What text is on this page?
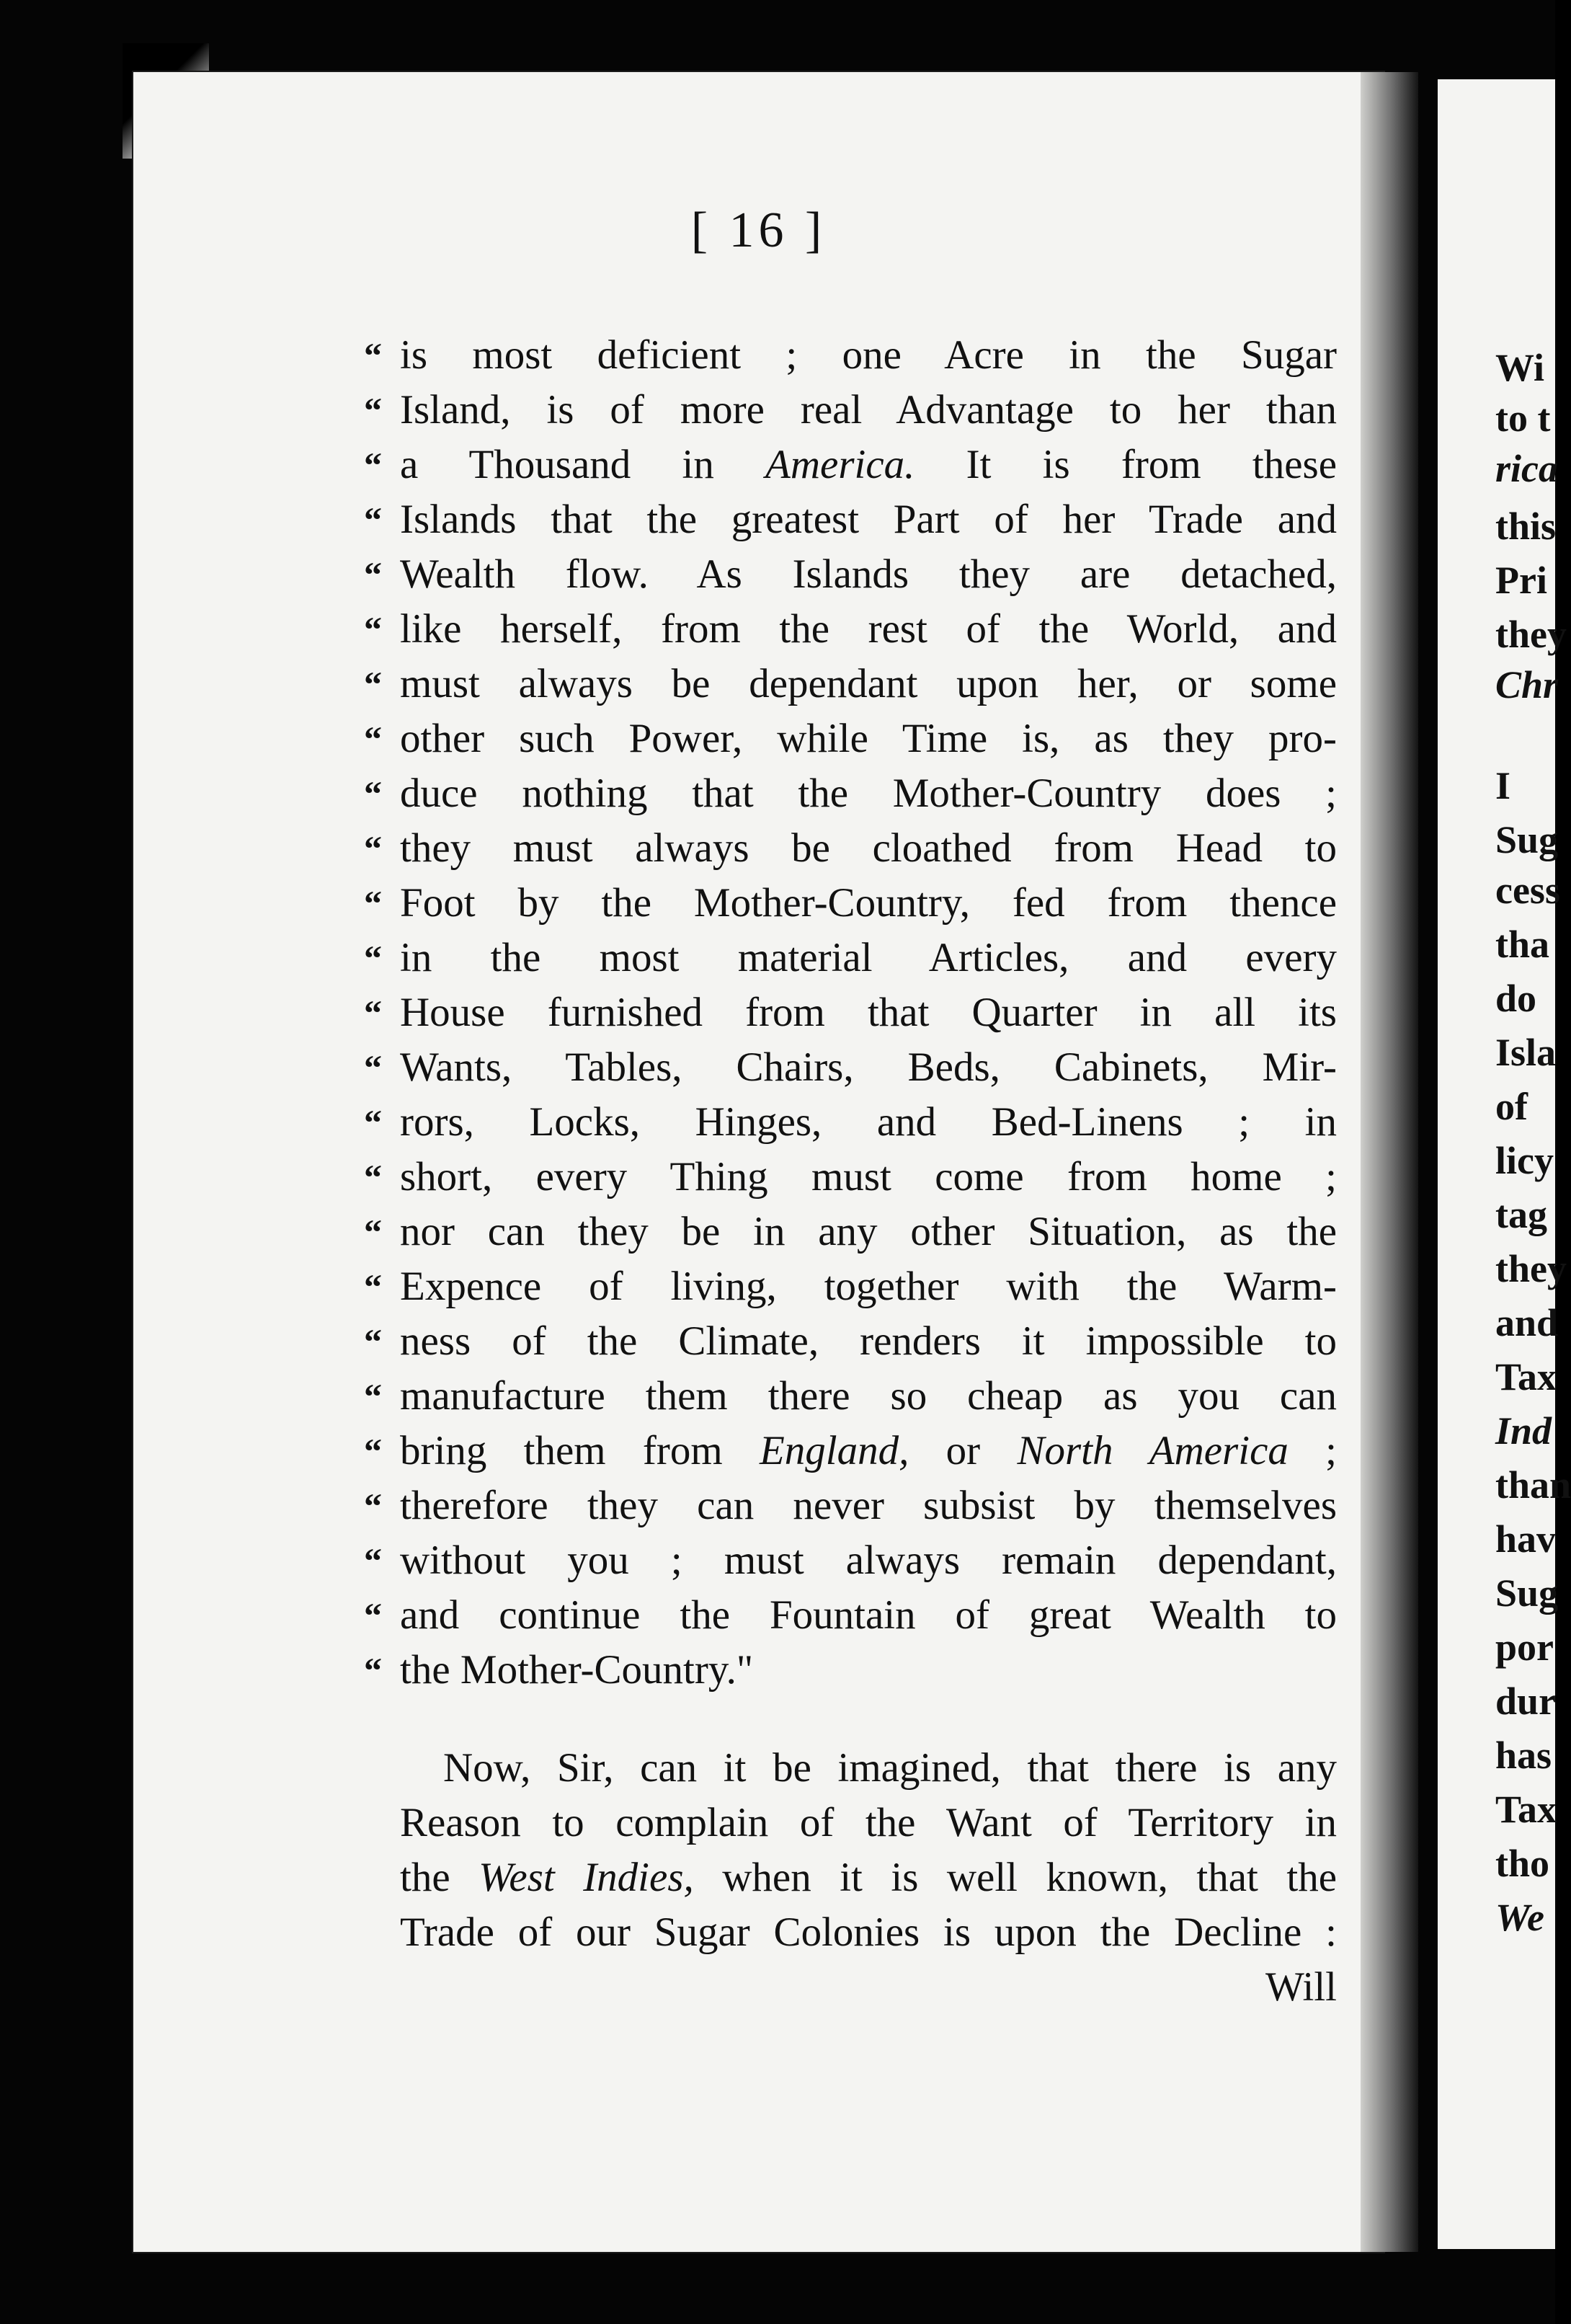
[ 16 ]
“ is most deficient ; one Acre in the Sugar
“ Island, is of more real Advantage to her than
“ a Thousand in America. It is from these
“ Islands that the greatest Part of her Trade and
“ Wealth flow. As Islands they are detached,
“ like herself, from the rest of the World, and
“ must always be dependant upon her, or some
“ other such Power, while Time is, as they pro-
“ duce nothing that the Mother-Country does ;
“ they must always be cloathed from Head to
“ Foot by the Mother-Country, fed from thence
“ in the most material Articles, and every
“ House furnished from that Quarter in all its
“ Wants, Tables, Chairs, Beds, Cabinets, Mir-
“ rors, Locks, Hinges, and Bed-Linens ; in
“ short, every Thing must come from home ;
“ nor can they be in any other Situation, as the
“ Expence of living, together with the Warm-
“ ness of the Climate, renders it impossible to
“ manufacture them there so cheap as you can
“ bring them from England, or North America ;
“ therefore they can never subsist by themselves
“ without you ; must always remain dependant,
“ and continue the Fountain of great Wealth to
“ the Mother-Country."
Now, Sir, can it be imagined, that there is any
Reason to complain of the Want of Territory in
the West Indies, when it is well known, that the
Trade of our Sugar Colonies is upon the Decline :
Will
Wi
to t
rica
this
Pri
they
Chr
I
Sug
cess
tha
do
Isla
of
licy
tag
they
and
Tax
Ind
than
hav
Sug
por
dur
has
Tax
tho
We
